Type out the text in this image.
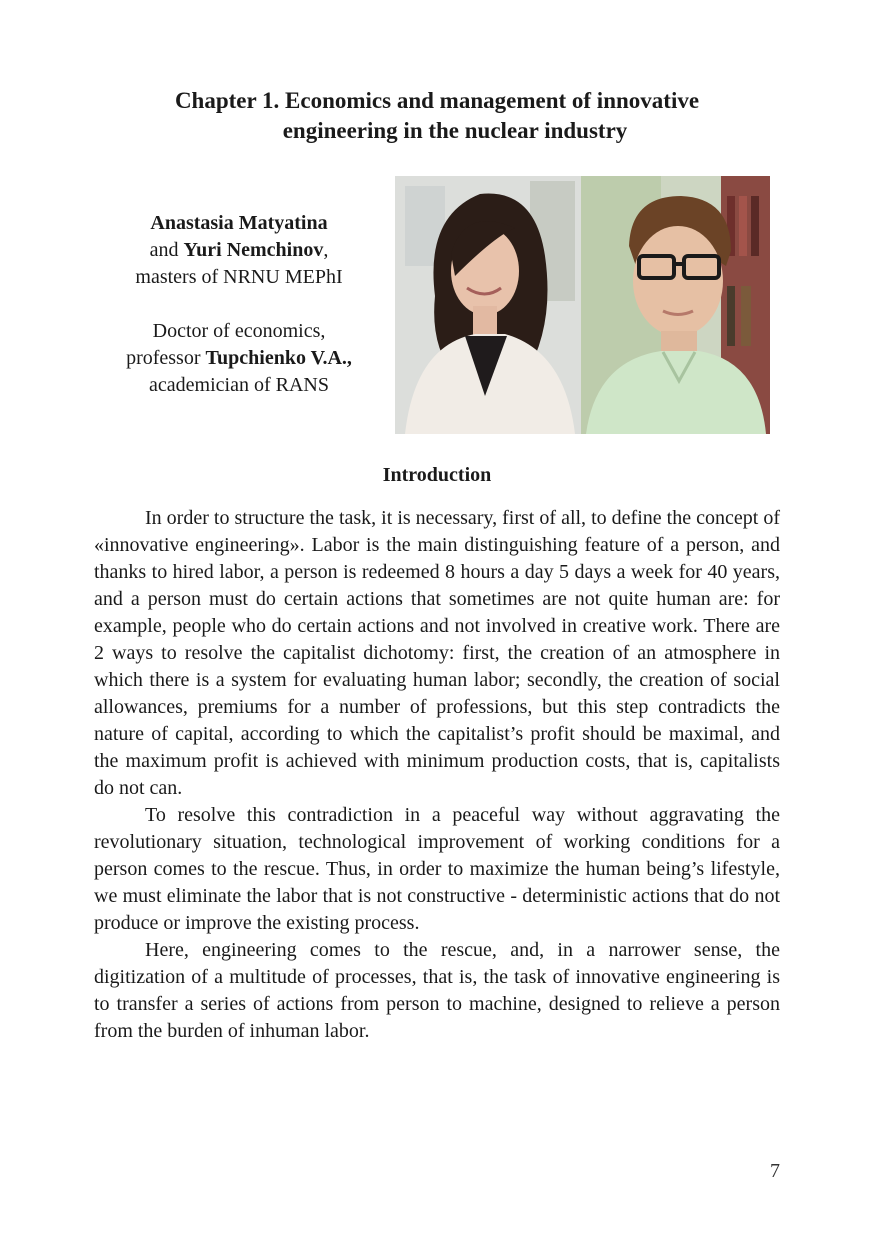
Chapter 1. Economics and management of innovative
engineering in the nuclear industry

Anastasia Matyatina

and Yuri Nemchinov,

masters of NRNU MEPhI

Doctor of economics,

professor Tupchienko V.A.,

academician of RANS

Introduction

In order to structure the task, it is necessary, first of all, to define the concept of «innovative engineering». Labor is the main distinguishing feature of a person, and thanks to hired labor, a person is redeemed 8 hours a day 5 days a week for 40 years, and a person must do certain actions that sometimes are not quite human are: for example, people who do certain actions and not involved in creative work. There are 2 ways to resolve the capitalist dichotomy: first, the creation of an atmosphere in which there is a system for evaluating human labor; secondly, the creation of social allowances, premiums for a number of professions, but this step contradicts the nature of capital, according to which the capitalist’s profit should be maximal, and the maximum profit is achieved with minimum production costs, that is, capitalists do not can.

To resolve this contradiction in a peaceful way without aggravating the revolutionary situation, technological improvement of working conditions for a person comes to the rescue. Thus, in order to maximize the human being’s lifestyle, we must eliminate the labor that is not constructive - deterministic actions that do not produce or improve the existing process.

Here, engineering comes to the rescue, and, in a narrower sense, the digitization of a multitude of processes, that is, the task of innovative engineering is to transfer a series of actions from person to machine, designed to relieve a person from the burden of inhuman labor.

7
